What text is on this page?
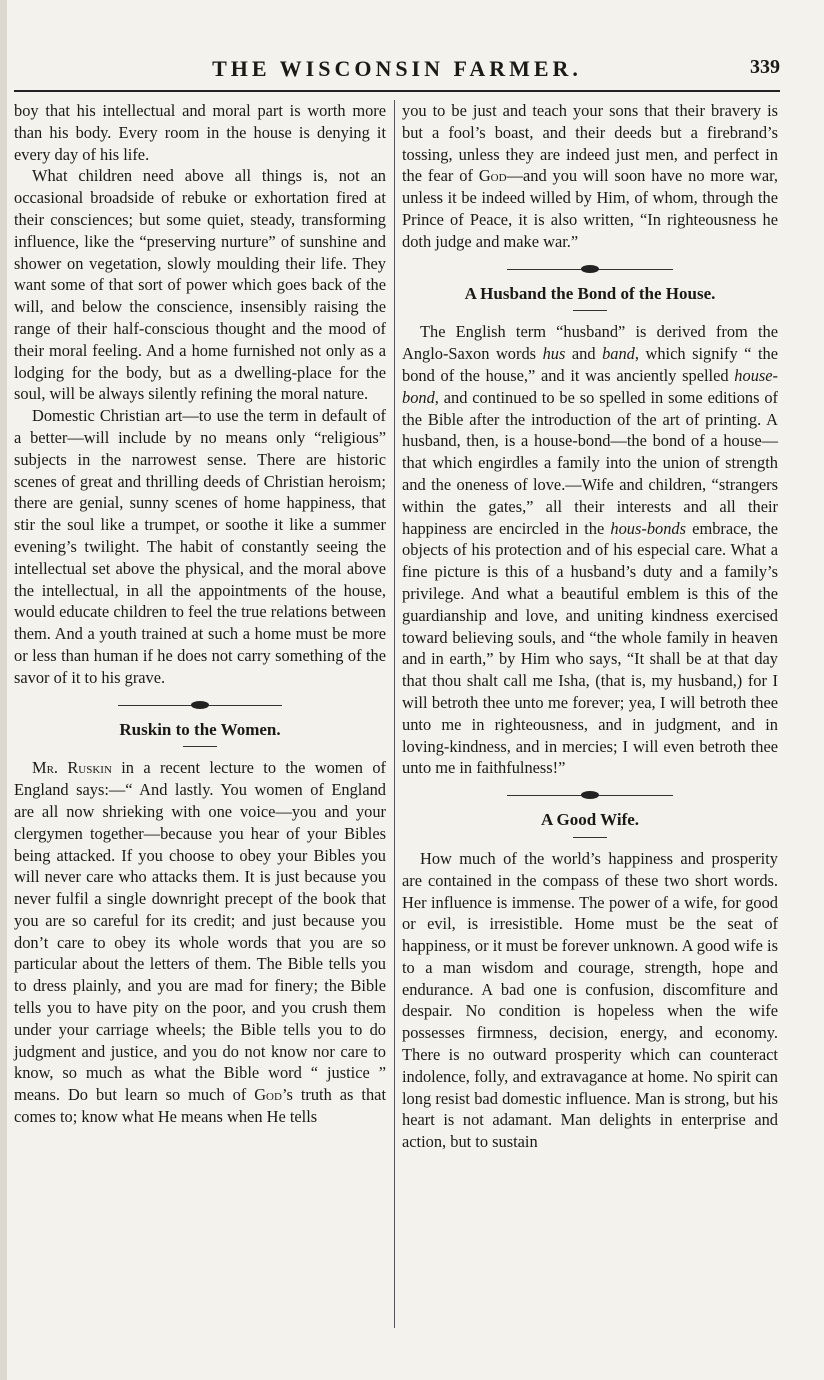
THE WISCONSIN FARMER.	339

boy that his intellectual and moral part is worth more than his body. Every room in the house is denying it every day of his life.

What children need above all things is, not an occasional broadside of rebuke or exhortation fired at their consciences; but some quiet, steady, transforming influence, like the “preserving nurture” of sunshine and shower on vegetation, slowly moulding their life. They want some of that sort of power which goes back of the will, and below the conscience, insensibly raising the range of their half-conscious thought and the mood of their moral feeling. And a home furnished not only as a lodging for the body, but as a dwelling-place for the soul, will be always silently refining the moral nature.

Domestic Christian art—to use the term in default of a better—will include by no means only “religious” subjects in the narrowest sense. There are historic scenes of great and thrilling deeds of Christian heroism; there are genial, sunny scenes of home happiness, that stir the soul like a trumpet, or soothe it like a summer evening’s twilight. The habit of constantly seeing the intellectual set above the physical, and the moral above the intellectual, in all the appointments of the house, would educate children to feel the true relations between them. And a youth trained at such a home must be more or less than human if he does not carry something of the savor of it to his grave.

Ruskin to the Women.

Mr. Ruskin in a recent lecture to the women of England says:—“ And lastly. You women of England are all now shrieking with one voice—you and your clergymen together—because you hear of your Bibles being attacked. If you choose to obey your Bibles you will never care who attacks them. It is just because you never fulfil a single downright precept of the book that you are so careful for its credit; and just because you don’t care to obey its whole words that you are so particular about the letters of them. The Bible tells you to dress plainly, and you are mad for finery; the Bible tells you to have pity on the poor, and you crush them under your carriage wheels; the Bible tells you to do judgment and justice, and you do not know nor care to know, so much as what the Bible word “ justice ” means. Do but learn so much of God’s truth as that comes to; know what He means when He tells

you to be just and teach your sons that their bravery is but a fool’s boast, and their deeds but a firebrand’s tossing, unless they are indeed just men, and perfect in the fear of God—and you will soon have no more war, unless it be indeed willed by Him, of whom, through the Prince of Peace, it is also written, “In righteousness he doth judge and make war.”

A Husband the Bond of the House.

The English term “husband” is derived from the Anglo-Saxon words hus and band, which signify “ the bond of the house,” and it was anciently spelled house-bond, and continued to be so spelled in some editions of the Bible after the introduction of the art of printing. A husband, then, is a house-bond—the bond of a house—that which engirdles a family into the union of strength and the oneness of love.—Wife and children, “strangers within the gates,” all their interests and all their happiness are encircled in the hous-bonds embrace, the objects of his protection and of his especial care. What a fine picture is this of a husband’s duty and a family’s privilege. And what a beautiful emblem is this of the guardianship and love, and uniting kindness exercised toward believing souls, and “the whole family in heaven and in earth,” by Him who says, “It shall be at that day that thou shalt call me Isha, (that is, my husband,) for I will betroth thee unto me forever; yea, I will betroth thee unto me in righteousness, and in judgment, and in loving-kindness, and in mercies; I will even betroth thee unto me in faithfulness!”

A Good Wife.

How much of the world’s happiness and prosperity are contained in the compass of these two short words. Her influence is immense. The power of a wife, for good or evil, is irresistible. Home must be the seat of happiness, or it must be forever unknown. A good wife is to a man wisdom and courage, strength, hope and endurance. A bad one is confusion, discomfiture and despair. No condition is hopeless when the wife possesses firmness, decision, energy, and economy. There is no outward prosperity which can counteract indolence, folly, and extravagance at home. No spirit can long resist bad domestic influence. Man is strong, but his heart is not adamant. Man delights in enterprise and action, but to sustain
